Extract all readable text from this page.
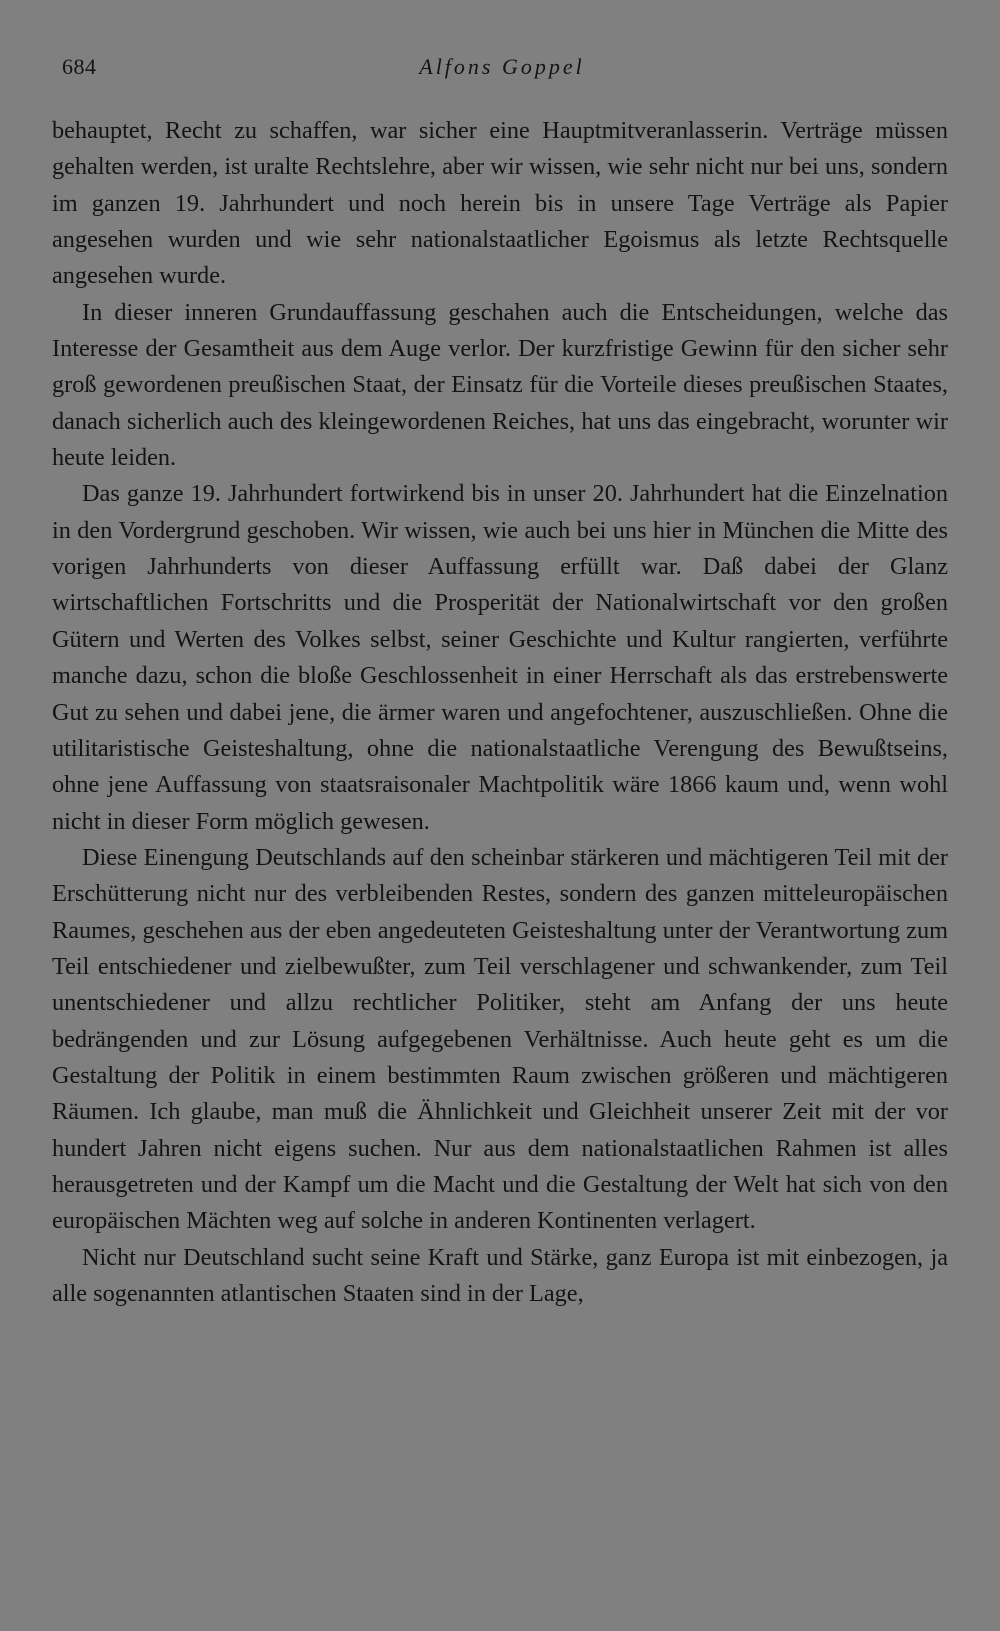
684	Alfons Goppel

behauptet, Recht zu schaffen, war sicher eine Hauptmitveranlasserin. Verträge müssen gehalten werden, ist uralte Rechtslehre, aber wir wissen, wie sehr nicht nur bei uns, sondern im ganzen 19. Jahrhundert und noch herein bis in unsere Tage Verträge als Papier angesehen wurden und wie sehr nationalstaatlicher Egoismus als letzte Rechtsquelle angesehen wurde.

In dieser inneren Grundauffassung geschahen auch die Entscheidungen, welche das Interesse der Gesamtheit aus dem Auge verlor. Der kurzfristige Gewinn für den sicher sehr groß gewordenen preußischen Staat, der Einsatz für die Vorteile dieses preußischen Staates, danach sicherlich auch des kleingewordenen Reiches, hat uns das eingebracht, worunter wir heute leiden.

Das ganze 19. Jahrhundert fortwirkend bis in unser 20. Jahrhundert hat die Einzelnation in den Vordergrund geschoben. Wir wissen, wie auch bei uns hier in München die Mitte des vorigen Jahrhunderts von dieser Auffassung erfüllt war. Daß dabei der Glanz wirtschaftlichen Fortschritts und die Prosperität der Nationalwirtschaft vor den großen Gütern und Werten des Volkes selbst, seiner Geschichte und Kultur rangierten, verführte manche dazu, schon die bloße Geschlossenheit in einer Herrschaft als das erstrebenswerte Gut zu sehen und dabei jene, die ärmer waren und angefochtener, auszuschließen. Ohne die utilitaristische Geisteshaltung, ohne die nationalstaatliche Verengung des Bewußtseins, ohne jene Auffassung von staatsraisonaler Machtpolitik wäre 1866 kaum und, wenn wohl nicht in dieser Form möglich gewesen.

Diese Einengung Deutschlands auf den scheinbar stärkeren und mächtigeren Teil mit der Erschütterung nicht nur des verbleibenden Restes, sondern des ganzen mitteleuropäischen Raumes, geschehen aus der eben angedeuteten Geisteshaltung unter der Verantwortung zum Teil entschiedener und zielbewußter, zum Teil verschlagener und schwankender, zum Teil unentschiedener und allzu rechtlicher Politiker, steht am Anfang der uns heute bedrängenden und zur Lösung aufgegebenen Verhältnisse. Auch heute geht es um die Gestaltung der Politik in einem bestimmten Raum zwischen größeren und mächtigeren Räumen. Ich glaube, man muß die Ähnlichkeit und Gleichheit unserer Zeit mit der vor hundert Jahren nicht eigens suchen. Nur aus dem nationalstaatlichen Rahmen ist alles herausgetreten und der Kampf um die Macht und die Gestaltung der Welt hat sich von den europäischen Mächten weg auf solche in anderen Kontinenten verlagert.

Nicht nur Deutschland sucht seine Kraft und Stärke, ganz Europa ist mit einbezogen, ja alle sogenannten atlantischen Staaten sind in der Lage,
